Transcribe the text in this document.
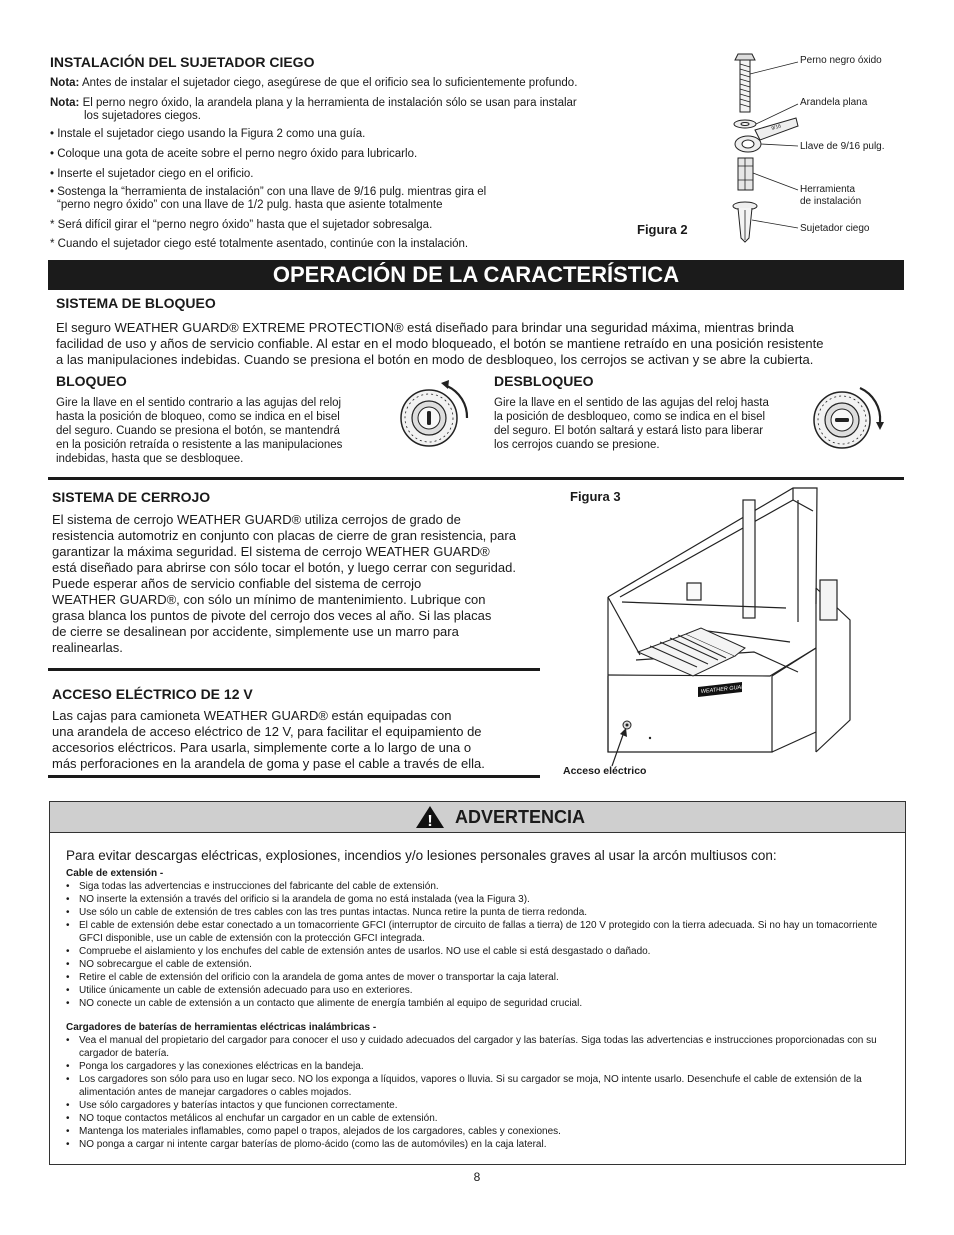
INSTALACIÓN DEL SUJETADOR CIEGO
Nota: Antes de instalar el sujetador ciego, asegúrese de que el orificio sea lo suficientemente profundo.
Nota: El perno negro óxido, la arandela plana y la herramienta de instalación sólo se usan para instalar
los sujetadores ciegos.
• Instale el sujetador ciego usando la Figura 2 como una guía.
• Coloque una gota de aceite sobre el perno negro óxido para lubricarlo.
• Inserte el sujetador ciego en el orificio.
• Sostenga la “herramienta de instalación” con una llave de 9/16 pulg. mientras gira el
“perno negro óxido” con una llave de 1/2 pulg. hasta que asiente totalmente
* Será difícil girar el “perno negro óxido” hasta que el sujetador sobresalga.
* Cuando el sujetador ciego esté totalmente asentado, continúe con la instalación.
Figura 2
9/16
Perno negro óxido
Arandela plana
Llave de 9/16 pulg.
Herramienta
de instalación
Sujetador ciego
OPERACIÓN DE LA CARACTERÍSTICA
SISTEMA DE BLOQUEO
El seguro WEATHER GUARD® EXTREME PROTECTION® está diseñado para brindar una seguridad máxima, mientras brinda
facilidad de uso y años de servicio confiable. Al estar en el modo bloqueado, el botón se mantiene retraído en una posición resistente
a las manipulaciones indebidas. Cuando se presiona el botón en modo de desbloqueo, los cerrojos se activan y se abre la cubierta.
BLOQUEO
Gire la llave en el sentido contrario a las agujas del reloj
hasta la posición de bloqueo, como se indica en el bisel
del seguro. Cuando se presiona el botón, se mantendrá
en la posición retraída o resistente a las manipulaciones
indebidas, hasta que se desbloquee.
DESBLOQUEO
Gire la llave en el sentido de las agujas del reloj hasta
la posición de desbloqueo, como se indica en el bisel
del seguro. El botón saltará y estará listo para liberar
los cerrojos cuando se presione.
SISTEMA DE CERROJO
El sistema de cerrojo WEATHER GUARD® utiliza cerrojos de grado de
resistencia automotriz en conjunto con placas de cierre de gran resistencia, para
garantizar la máxima seguridad. El sistema de cerrojo WEATHER GUARD®
está diseñado para abrirse con sólo tocar el botón, y luego cerrar con seguridad.
Puede esperar años de servicio confiable del sistema de cerrojo
WEATHER GUARD®, con sólo un mínimo de mantenimiento. Lubrique con
grasa blanca los puntos de pivote del cerrojo dos veces al año. Si las placas
de cierre se desalinean por accidente, simplemente use un marro para
realinearlas.
ACCESO ELÉCTRICO DE 12 V
Las cajas para camioneta WEATHER GUARD® están equipadas con
una arandela de acceso eléctrico de 12 V, para facilitar el equipamiento de
accesorios eléctricos. Para usarla, simplemente corte a lo largo de una o
más perforaciones en la arandela de goma y pase el cable a través de ella.
Figura 3
WEATHER GUARD
Acceso eléctrico
! ADVERTENCIA
Para evitar descargas eléctricas, explosiones, incendios y/o lesiones personales graves al usar la arcón multiusos con:
Cable de extensión -
• Siga todas las advertencias e instrucciones del fabricante del cable de extensión.
• NO inserte la extensión a través del orificio si la arandela de goma no está instalada (vea la Figura 3).
• Use sólo un cable de extensión de tres cables con las tres puntas intactas. Nunca retire la punta de tierra redonda.
• El cable de extensión debe estar conectado a un tomacorriente GFCI (interruptor de circuito de fallas a tierra) de 120 V protegido con la tierra adecuada. Si no hay un tomacorriente GFCI disponible, use un cable de extensión con la protección GFCI integrada.
• Compruebe el aislamiento y los enchufes del cable de extensión antes de usarlos. NO use el cable si está desgastado o dañado.
• NO sobrecargue el cable de extensión.
• Retire el cable de extensión del orificio con la arandela de goma antes de mover o transportar la caja lateral.
• Utilice únicamente un cable de extensión adecuado para uso en exteriores.
• NO conecte un cable de extensión a un contacto que alimente de energía también al equipo de seguridad crucial.
Cargadores de baterías de herramientas eléctricas inalámbricas -
• Vea el manual del propietario del cargador para conocer el uso y cuidado adecuados del cargador y las baterías. Siga todas las advertencias e instrucciones proporcionadas con su cargador de batería.
• Ponga los cargadores y las conexiones eléctricas en la bandeja.
• Los cargadores son sólo para uso en lugar seco. NO los exponga a líquidos, vapores o lluvia. Si su cargador se moja, NO intente usarlo. Desenchufe el cable de extensión de la alimentación antes de manejar cargadores o cables mojados.
• Use sólo cargadores y baterías intactos y que funcionen correctamente.
• NO toque contactos metálicos al enchufar un cargador en un cable de extensión.
• Mantenga los materiales inflamables, como papel o trapos, alejados de los cargadores, cables y conexiones.
• NO ponga a cargar ni intente cargar baterías de plomo-ácido (como las de automóviles) en la caja lateral.
8
